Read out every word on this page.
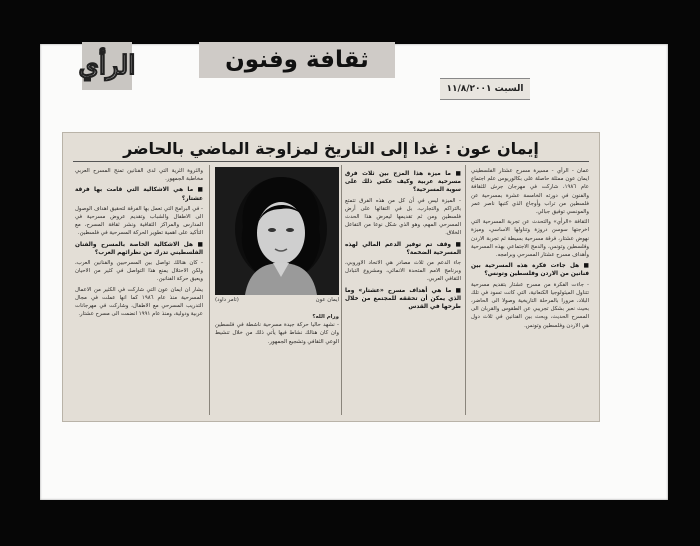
الرأي	ثقافة وفنون
السبت ١١/٨/٢٠٠١
إيمان عون : غدا إلى التاريخ لمزاوجة الماضي بالحاضر

عمان - الرأي - مسيرة مسرح عشتار الفلسطيني ايمان عون ممثلة حاصلة على بكالوريوس علم اجتماع عام ١٩٨٦، شاركت في مهرجان جرش للثقافة والفنون في دورته الخامسة عشرة بمسرحية عن فلسطين من تراب وأوجاع الذي كتبها ناصر عمر والمونسي توفيق جبالي.

الثقافة «الرأي» والتحدث عن تجربة المسرحية التي اخرجتها سوسن دروزة وتناولها الاساسي، وميزة نهوض عشتار، فرقة مسرحية بسيطة ثم تجربة الاردن وفلسطين وتونس، والدمج الاجتماعي بهذه المسرحية وأهداف مسرح عشتار المسرحي وبرامجه.

■ هل جاءت فكرة هذه المسرحية بين فنانين من الاردن وفلسطين وتونس؟

- جاءت الفكرة من مسرح عشتار بتقديم مسرحية تتناول الميثولوجيا الكنعانية، التي كانت تسود في تلك البلاد، مرورا بالمرحلة التاريخية وصولا الى الحاضر، بحيث نعبر بشكل تجريبي عن الطقوس والقربان الى المسرح الحديث، وبحث بين الفنانين في ثلاث دول هي الاردن وفلسطين وتونس.

■ ما ميزة هذا المزج بين ثلاث فرق مسرحية عربية وكيف عكس ذلك على سوية المسرحية؟

- الميزة ليس في أن كل من هذه الفرق تتمتع بالتراكم والتجارب، بل في التقائها على أرض فلسطين ومن ثم تقديمها ليعرض هذا الحدث المسرحي المهم، وهو الذي شكل نوعا من التفاعل الخلاق.

■ وقف تم توفير الدعم المالي لهذه المسرحية الضخمة؟

جاء الدعم من ثلاث مصادر هي الاتحاد الاوروبي، وبرنامج الامم المتحدة الانمائي، ومشروع التبادل الثقافي العربي.

■ ما هي أهداف مسرح «عشتار» وما الذي يمكن أن تحققه للمجتمع من خلال طرحها في القدس

ايمان عون
(تامر داود)

ورام الله؟

- نشهد حاليا حركة جيدة مسرحية ناشطة في فلسطين وان كان هنالك نشاط فيها يأتي ذلك من خلال تنشيط الوعي الثقافي وتشجيع الجمهور.

والثروة الثرية التي لدى الفنانين تمنح المسرح العربي مخاطبة الجمهور.

■ ما هي الاشكالية التي قامت بها فرقة عشتار؟

- في البرامج التي تعمل بها الفرقة لتحقيق اهداف الوصول الى الاطفال والشباب وتقديم عروض مسرحية في المدارس والمراكز الثقافية ونشر ثقافة المسرح، مع التأكيد على اهمية تطوير الحركة المسرحية في فلسطين.

■ هل الاشكالية الخاصة بالمسرح والفنان الفلسطيني تدرك من نظرائهم العرب؟

- كان هنالك تواصل بين المسرحيين والفنانين العرب، ولكن الاحتلال يمنع هذا التواصل في كثير من الاحيان ويعيق حركة الفنانين.

يشار ان ايمان عون التي شاركت في الكثير من الاعمال المسرحية منذ عام ١٩٨٦ كما انها عملت في مجال التدريب المسرحي مع الاطفال، وشاركت في مهرجانات عربية ودولية، ومنذ عام ١٩٩١ انضمت الى مسرح عشتار.
